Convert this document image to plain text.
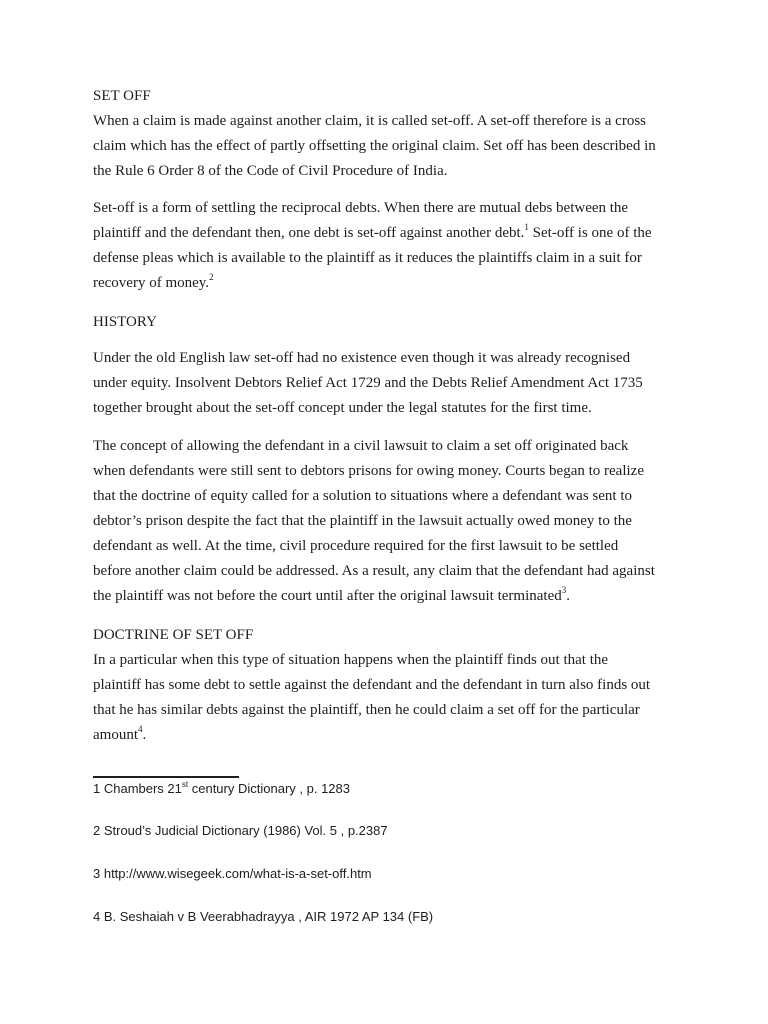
SET OFF
When a claim is made against another claim, it is called set-off. A set-off therefore is a cross
claim which has the effect of partly offsetting the original claim. Set off has been described in
the Rule 6 Order 8 of the Code of Civil Procedure of India.
Set-off is a form of settling the reciprocal debts. When there are mutual debs between the
plaintiff and the defendant then, one debt is set-off against another debt.$^1$ Set-off is one of the
defense pleas which is available to the plaintiff as it reduces the plaintiffs claim in a suit for
recovery of money.$^2$
HISTORY
Under the old English law set-off had no existence even though it was already recognised
under equity. Insolvent Debtors Relief Act 1729 and the Debts Relief Amendment Act 1735
together brought about the set-off concept under the legal statutes for the first time.
The concept of allowing the defendant in a civil lawsuit to claim a set off originated back
when defendants were still sent to debtors prisons for owing money. Courts began to realize
that the doctrine of equity called for a solution to situations where a defendant was sent to
debtor’s prison despite the fact that the plaintiff in the lawsuit actually owed money to the
defendant as well. At the time, civil procedure required for the first lawsuit to be settled
before another claim could be addressed. As a result, any claim that the defendant had against
the plaintiff was not before the court until after the original lawsuit terminated$^3$.
DOCTRINE OF SET OFF
In a particular when this type of situation happens when the plaintiff finds out that the
plaintiff has some debt to settle against the defendant and the defendant in turn also finds out
that he has similar debts against the plaintiff, then he could claim a set off for the particular
amount$^4$.

1 Chambers 21st century Dictionary , p. 1283

2 Stroud’s Judicial Dictionary (1986) Vol. 5 , p.2387

3 http://www.wisegeek.com/what-is-a-set-off.htm

4 B. Seshaiah v B Veerabhadrayya , AIR 1972 AP 134 (FB)
